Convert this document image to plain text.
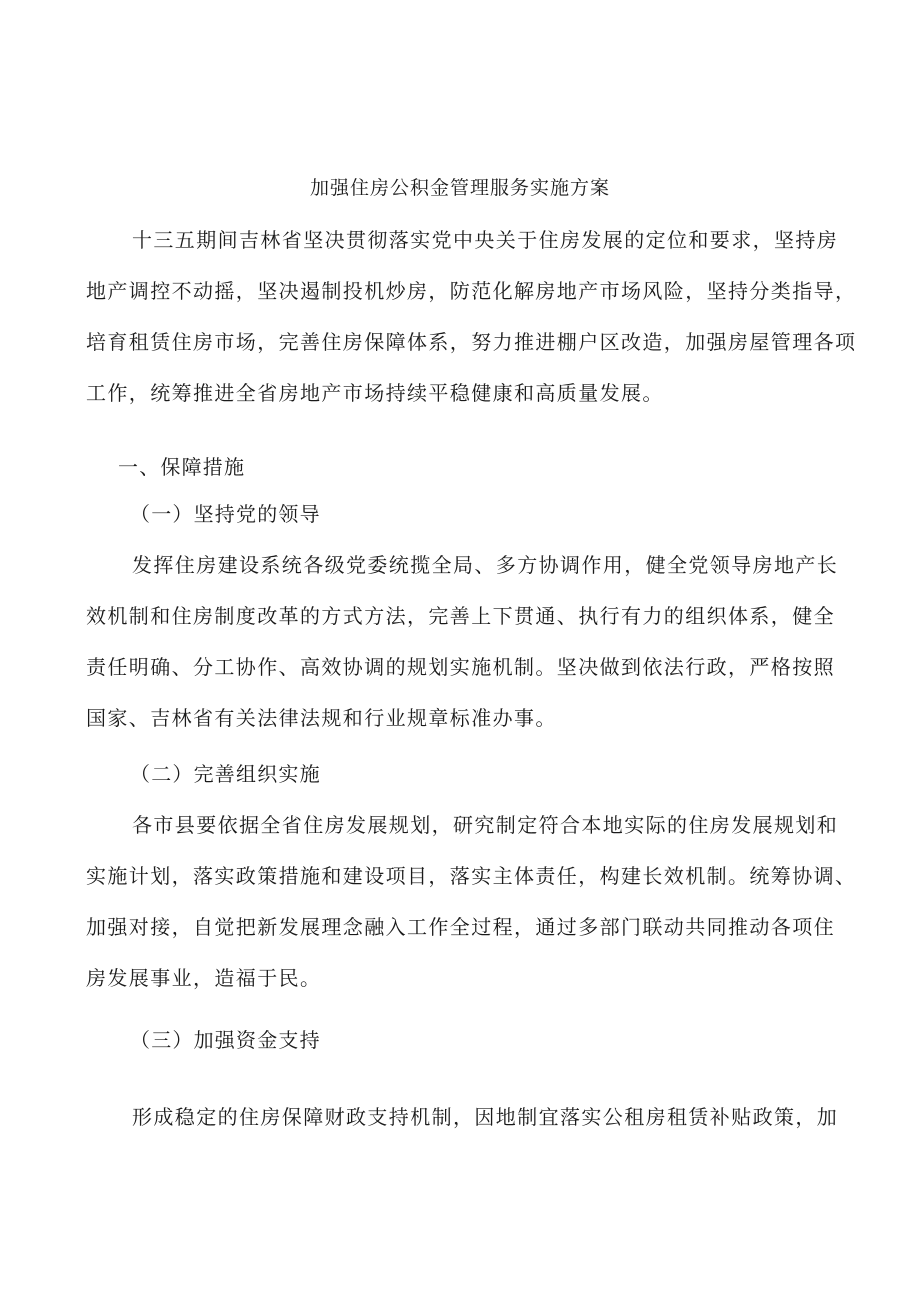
加强住房公积金管理服务实施方案
十三五期间吉林省坚决贯彻落实党中央关于住房发展的定位和要求，坚持房
地产调控不动摇，坚决遏制投机炒房，防范化解房地产市场风险，坚持分类指导，
培育租赁住房市场，完善住房保障体系，努力推进棚户区改造，加强房屋管理各项
工作，统筹推进全省房地产市场持续平稳健康和高质量发展。
一、保障措施
（一）坚持党的领导
发挥住房建设系统各级党委统揽全局、多方协调作用，健全党领导房地产长
效机制和住房制度改革的方式方法，完善上下贯通、执行有力的组织体系，健全
责任明确、分工协作、高效协调的规划实施机制。坚决做到依法行政，严格按照
国家、吉林省有关法律法规和行业规章标准办事。
（二）完善组织实施
各市县要依据全省住房发展规划，研究制定符合本地实际的住房发展规划和
实施计划，落实政策措施和建设项目，落实主体责任，构建长效机制。统筹协调、
加强对接，自觉把新发展理念融入工作全过程，通过多部门联动共同推动各项住
房发展事业，造福于民。
（三）加强资金支持
形成稳定的住房保障财政支持机制，因地制宜落实公租房租赁补贴政策，加
